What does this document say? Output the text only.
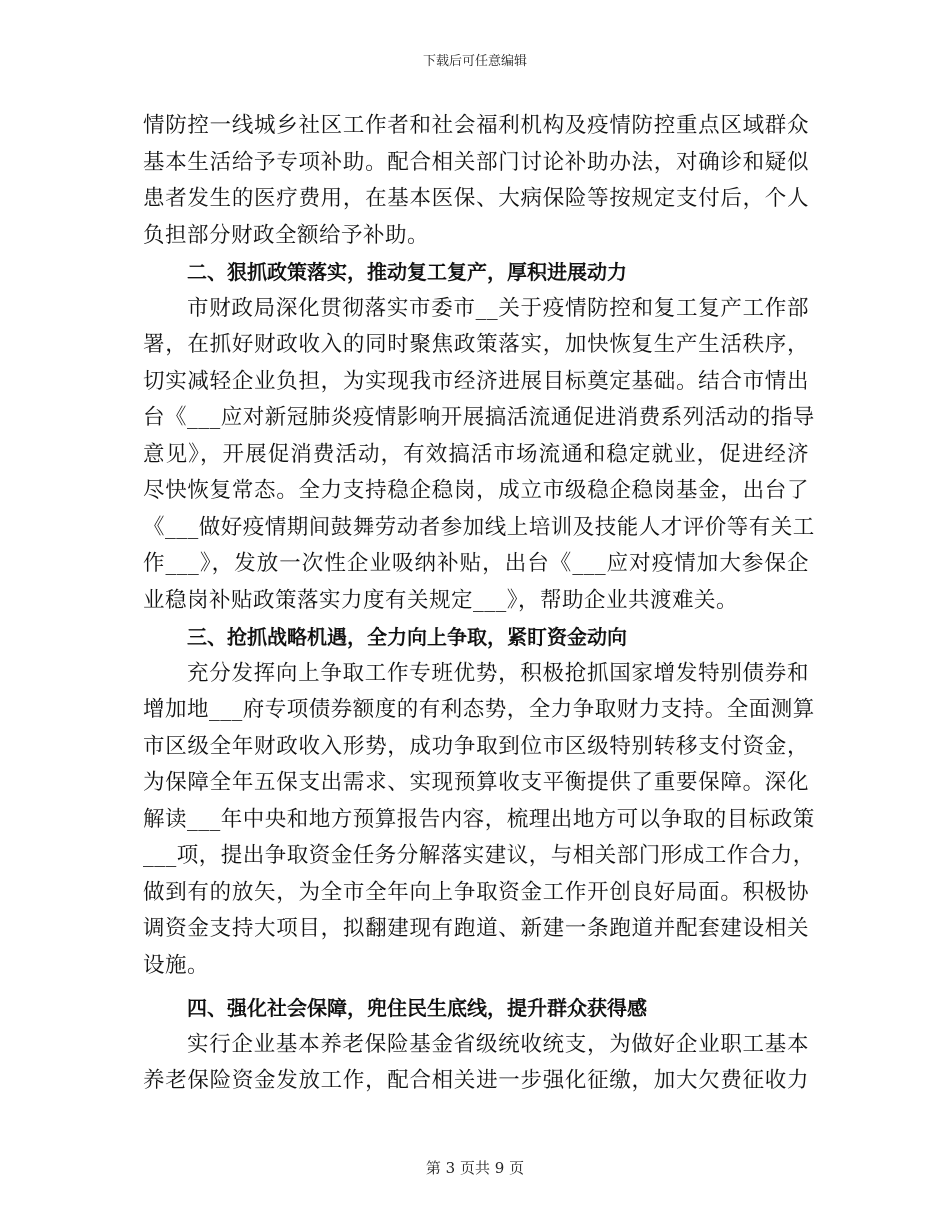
下载后可任意编辑
情防控一线城乡社区工作者和社会福利机构及疫情防控重点区域群众
基本生活给予专项补助。配合相关部门讨论补助办法，对确诊和疑似
患者发生的医疗费用，在基本医保、大病保险等按规定支付后，个人
负担部分财政全额给予补助。
二、狠抓政策落实，推动复工复产，厚积进展动力
市财政局深化贯彻落实市委市__关于疫情防控和复工复产工作部
署，在抓好财政收入的同时聚焦政策落实，加快恢复生产生活秩序，
切实减轻企业负担，为实现我市经济进展目标奠定基础。结合市情出
台《___应对新冠肺炎疫情影响开展搞活流通促进消费系列活动的指导
意见》，开展促消费活动，有效搞活市场流通和稳定就业，促进经济
尽快恢复常态。全力支持稳企稳岗，成立市级稳企稳岗基金，出台了
《___做好疫情期间鼓舞劳动者参加线上培训及技能人才评价等有关工
作___》，发放一次性企业吸纳补贴，出台《___应对疫情加大参保企
业稳岗补贴政策落实力度有关规定___》，帮助企业共渡难关。
三、抢抓战略机遇，全力向上争取，紧盯资金动向
充分发挥向上争取工作专班优势，积极抢抓国家增发特别债券和
增加地___府专项债券额度的有利态势，全力争取财力支持。全面测算
市区级全年财政收入形势，成功争取到位市区级特别转移支付资金，
为保障全年五保支出需求、实现预算收支平衡提供了重要保障。深化
解读___年中央和地方预算报告内容，梳理出地方可以争取的目标政策
___项，提出争取资金任务分解落实建议，与相关部门形成工作合力，
做到有的放矢，为全市全年向上争取资金工作开创良好局面。积极协
调资金支持大项目，拟翻建现有跑道、新建一条跑道并配套建设相关
设施。
四、强化社会保障，兜住民生底线，提升群众获得感
实行企业基本养老保险基金省级统收统支，为做好企业职工基本
养老保险资金发放工作，配合相关进一步强化征缴，加大欠费征收力
第 3 页共 9 页
